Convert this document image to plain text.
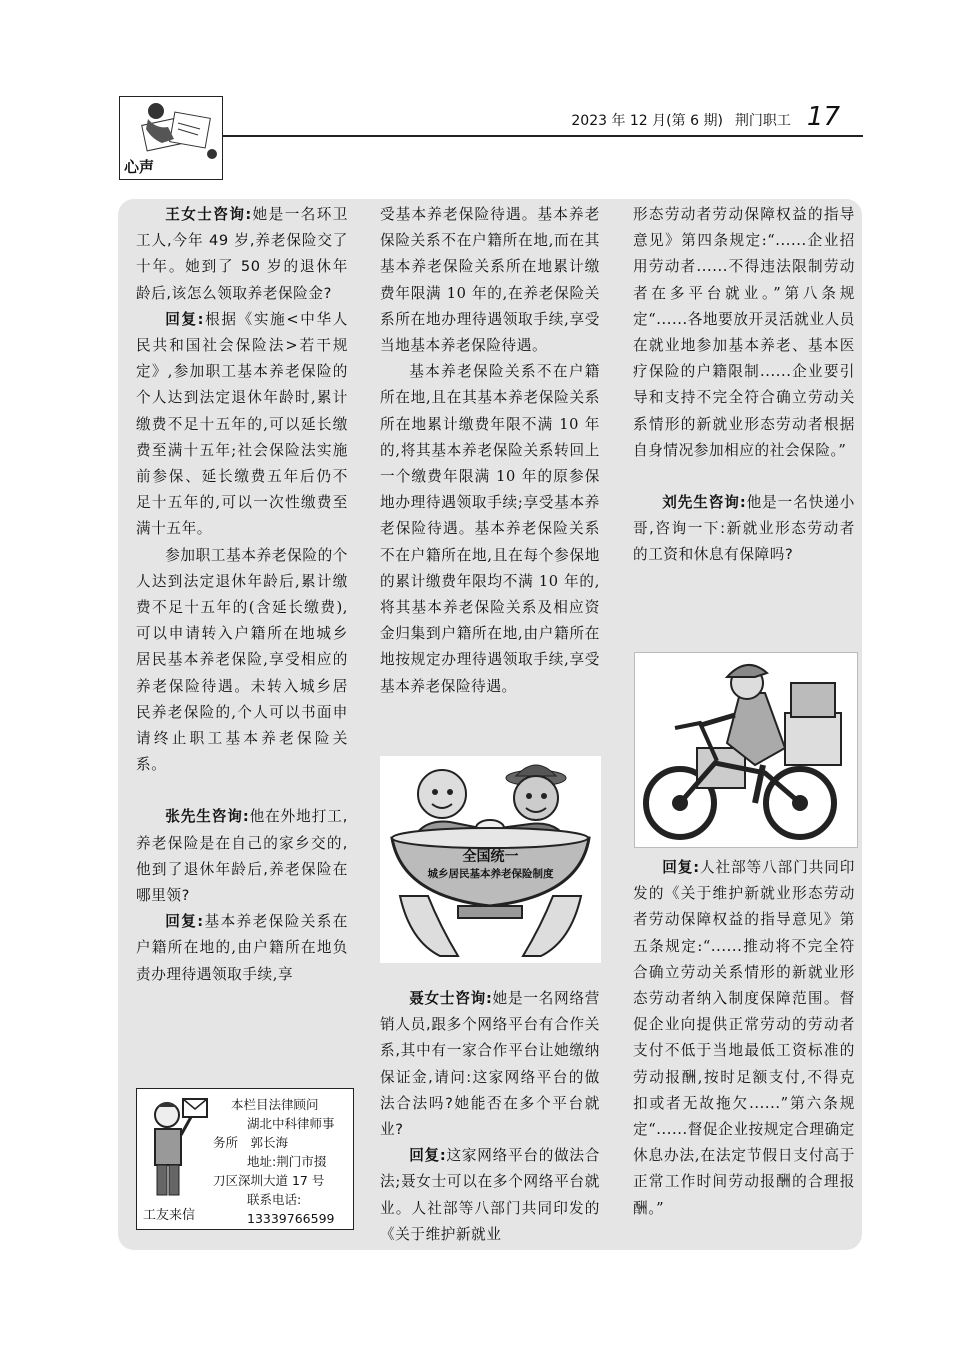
心声
2023 年 12 月(第 6 期) 荆门职工 17

王女士咨询:她是一名环卫工人,今年 49 岁,养老保险交了十年。她到了 50 岁的退休年龄后,该怎么领取养老保险金?

回复:根据《实施<中华人民共和国社会保险法>若干规定》,参加职工基本养老保险的个人达到法定退休年龄时,累计缴费不足十五年的,可以延长缴费至满十五年;社会保险法实施前参保、延长缴费五年后仍不足十五年的,可以一次性缴费至满十五年。

参加职工基本养老保险的个人达到法定退休年龄后,累计缴费不足十五年的(含延长缴费),可以申请转入户籍所在地城乡居民基本养老保险,享受相应的养老保险待遇。未转入城乡居民养老保险的,个人可以书面申请终止职工基本养老保险关系。

张先生咨询:他在外地打工,养老保险是在自己的家乡交的,他到了退休年龄后,养老保险在哪里领?

回复:基本养老保险关系在户籍所在地的,由户籍所在地负责办理待遇领取手续,享

受基本养老保险待遇。基本养老保险关系不在户籍所在地,而在其基本养老保险关系所在地累计缴费年限满 10 年的,在养老保险关系所在地办理待遇领取手续,享受当地基本养老保险待遇。

基本养老保险关系不在户籍所在地,且在其基本养老保险关系所在地累计缴费年限不满 10 年的,将其基本养老保险关系转回上一个缴费年限满 10 年的原参保地办理待遇领取手续;享受基本养老保险待遇。基本养老保险关系不在户籍所在地,且在每个参保地的累计缴费年限均不满 10 年的,将其基本养老保险关系及相应资金归集到户籍所在地,由户籍所在地按规定办理待遇领取手续,享受基本养老保险待遇。

全国统一
城乡居民基本养老保险制度

聂女士咨询:她是一名网络营销人员,跟多个网络平台有合作关系,其中有一家合作平台让她缴纳保证金,请问:这家网络平台的做法合法吗?她能否在多个平台就业?

回复:这家网络平台的做法合法;聂女士可以在多个网络平台就业。人社部等八部门共同印发的《关于维护新就业

形态劳动者劳动保障权益的指导意见》第四条规定:“......企业招用劳动者......不得违法限制劳动者在多平台就业。”第八条规定“......各地要放开灵活就业人员在就业地参加基本养老、基本医疗保险的户籍限制......企业要引导和支持不完全符合确立劳动关系情形的新就业形态劳动者根据自身情况参加相应的社会保险。”

刘先生咨询:他是一名快递小哥,咨询一下:新就业形态劳动者的工资和休息有保障吗?

回复:人社部等八部门共同印发的《关于维护新就业形态劳动者劳动保障权益的指导意见》第五条规定:“......推动将不完全符合确立劳动关系情形的新就业形态劳动者纳入制度保障范围。督促企业向提供正常劳动的劳动者支付不低于当地最低工资标准的劳动报酬,按时足额支付,不得克扣或者无故拖欠......”第六条规定“......督促企业按规定合理确定休息办法,在法定节假日支付高于正常工作时间劳动报酬的合理报酬。”

本栏目法律顾问
湖北中科律师事
务所　郭长海
地址:荆门市掇
刀区深圳大道 17 号
联系电话:
13339766599
工友来信
